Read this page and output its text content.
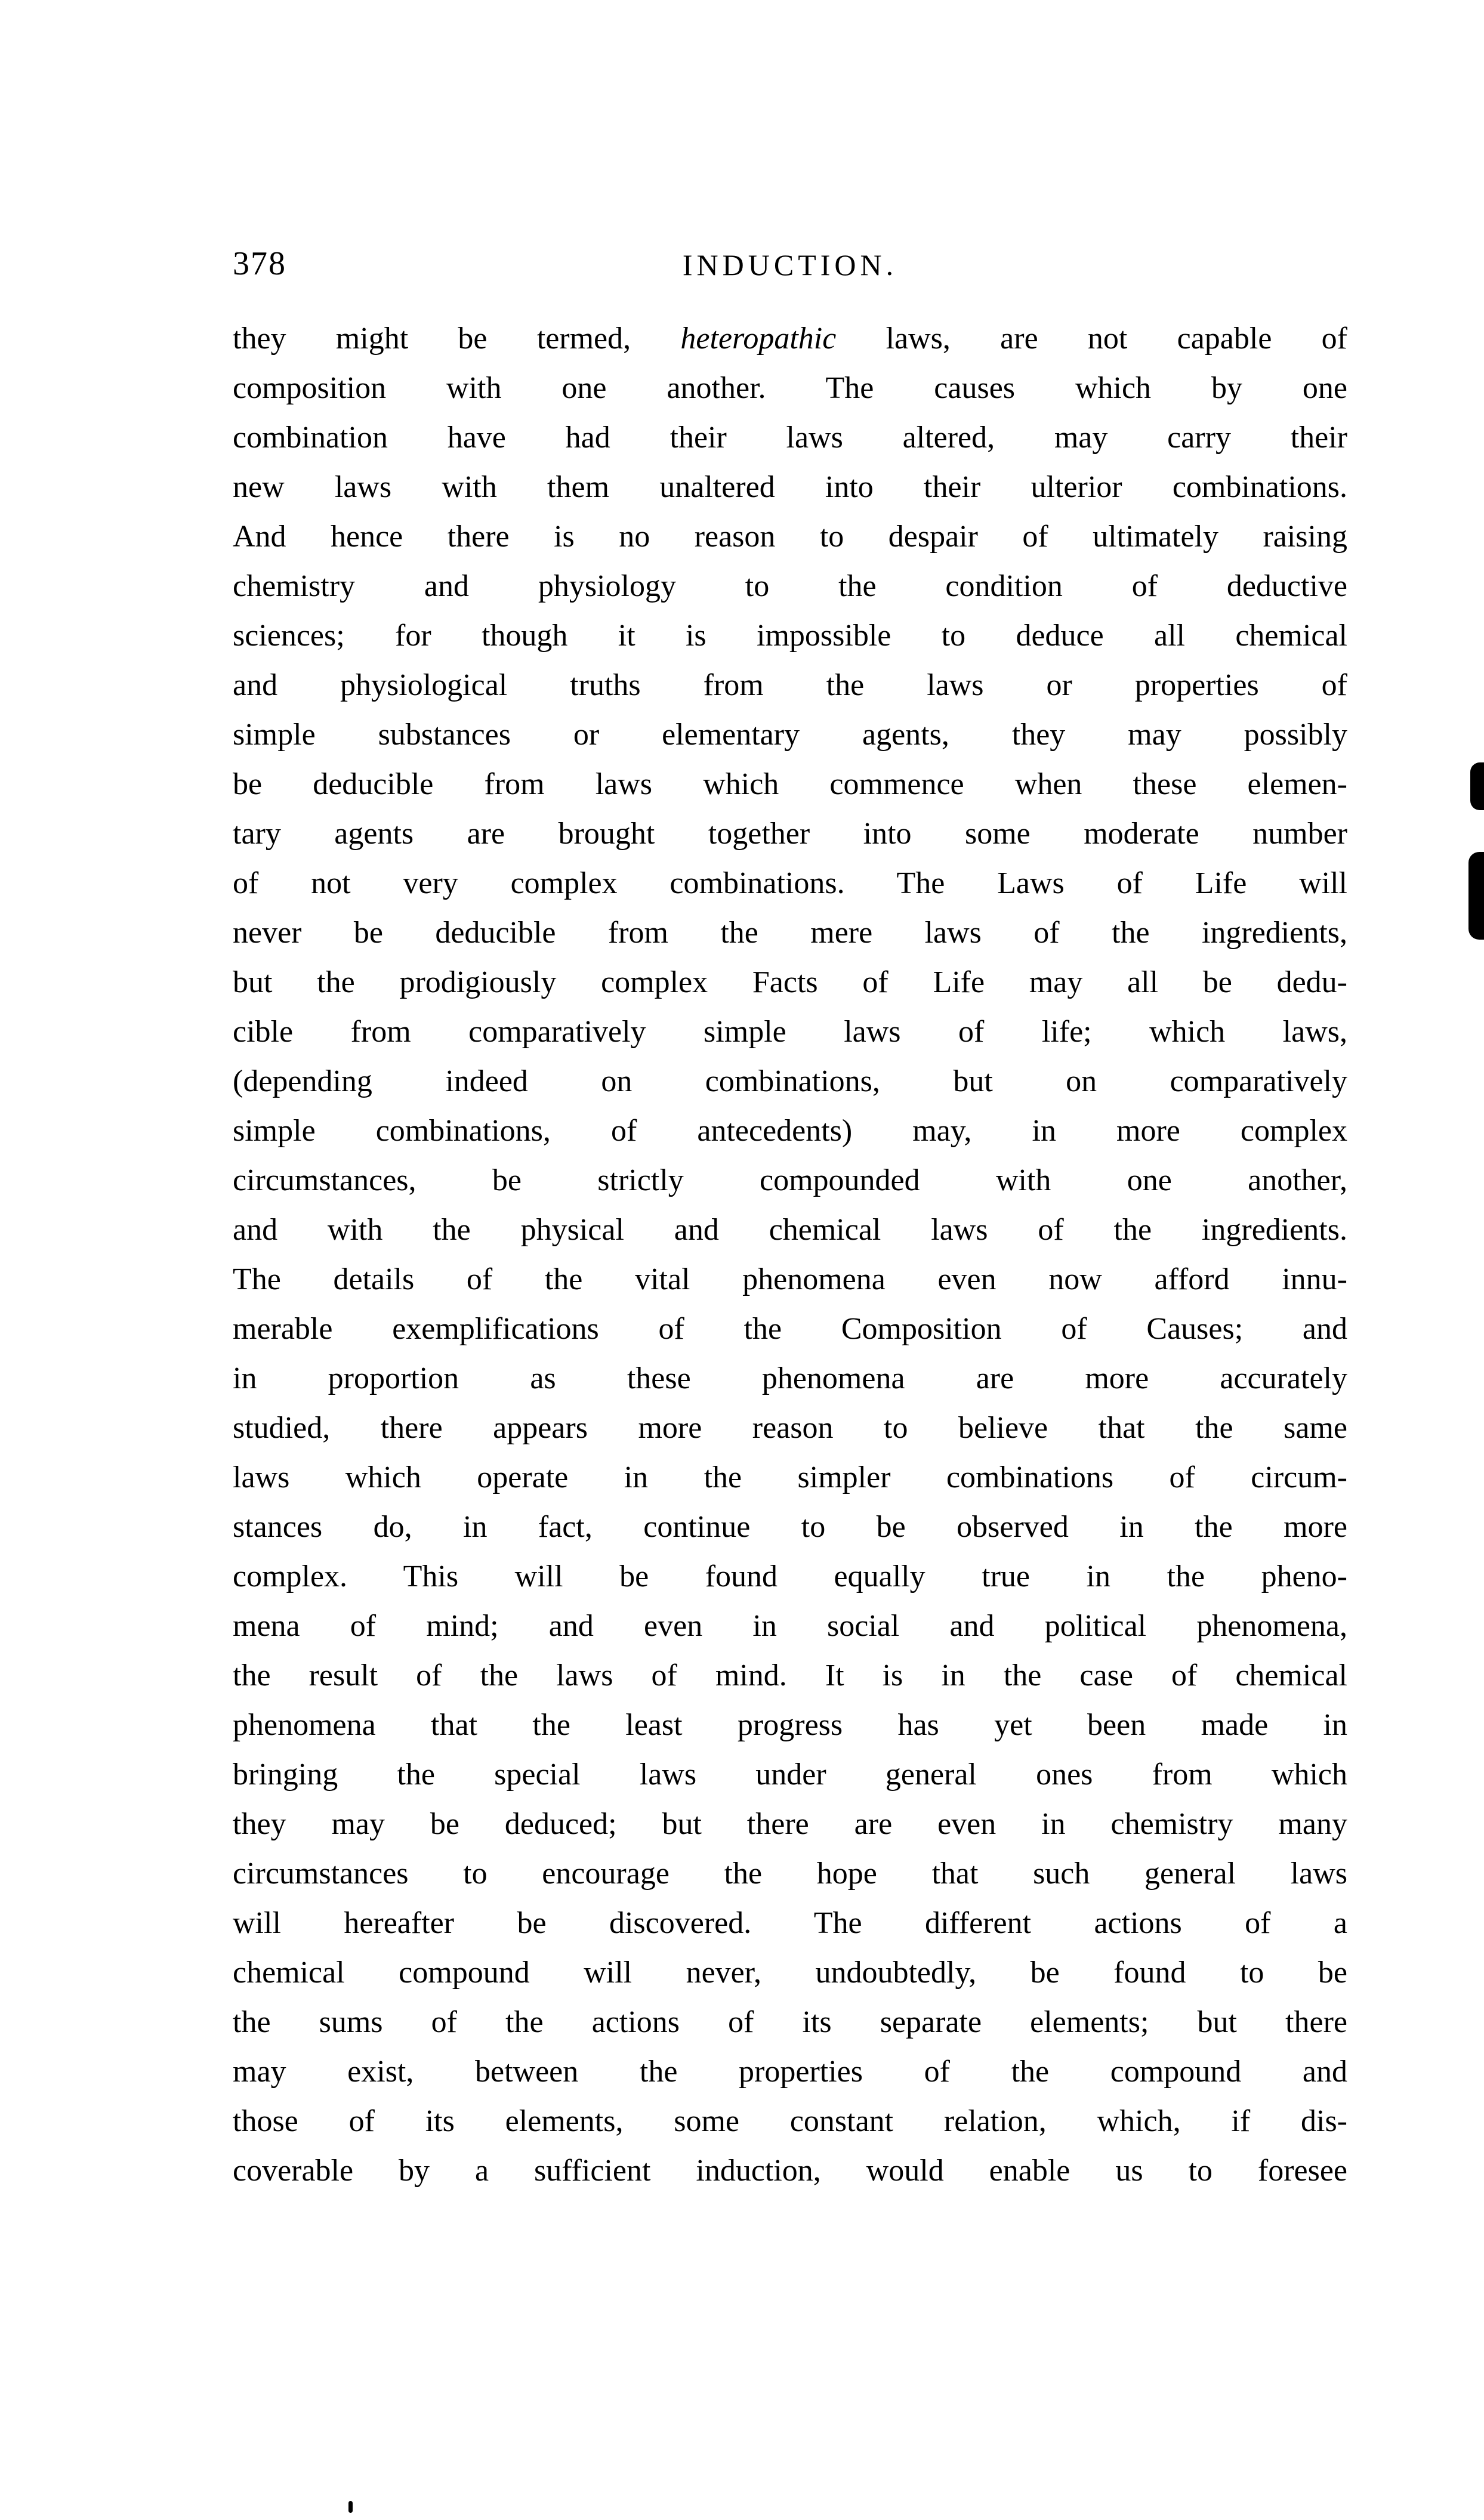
378	INDUCTION.
they might be termed, heteropathic laws, are not capable of
composition with one another. The causes which by one
combination have had their laws altered, may carry their
new laws with them unaltered into their ulterior combinations.
And hence there is no reason to despair of ultimately raising
chemistry and physiology to the condition of deductive
sciences; for though it is impossible to deduce all chemical
and physiological truths from the laws or properties of
simple substances or elementary agents, they may possibly
be deducible from laws which commence when these elemen-
tary agents are brought together into some moderate number
of not very complex combinations. The Laws of Life will
never be deducible from the mere laws of the ingredients,
but the prodigiously complex Facts of Life may all be dedu-
cible from comparatively simple laws of life; which laws,
(depending indeed on combinations, but on comparatively
simple combinations, of antecedents) may, in more complex
circumstances, be strictly compounded with one another,
and with the physical and chemical laws of the ingredients.
The details of the vital phenomena even now afford innu-
merable exemplifications of the Composition of Causes; and
in proportion as these phenomena are more accurately
studied, there appears more reason to believe that the same
laws which operate in the simpler combinations of circum-
stances do, in fact, continue to be observed in the more
complex. This will be found equally true in the pheno-
mena of mind; and even in social and political phenomena,
the result of the laws of mind. It is in the case of chemical
phenomena that the least progress has yet been made in
bringing the special laws under general ones from which
they may be deduced; but there are even in chemistry many
circumstances to encourage the hope that such general laws
will hereafter be discovered. The different actions of a
chemical compound will never, undoubtedly, be found to be
the sums of the actions of its separate elements; but there
may exist, between the properties of the compound and
those of its elements, some constant relation, which, if dis-
coverable by a sufficient induction, would enable us to foresee
